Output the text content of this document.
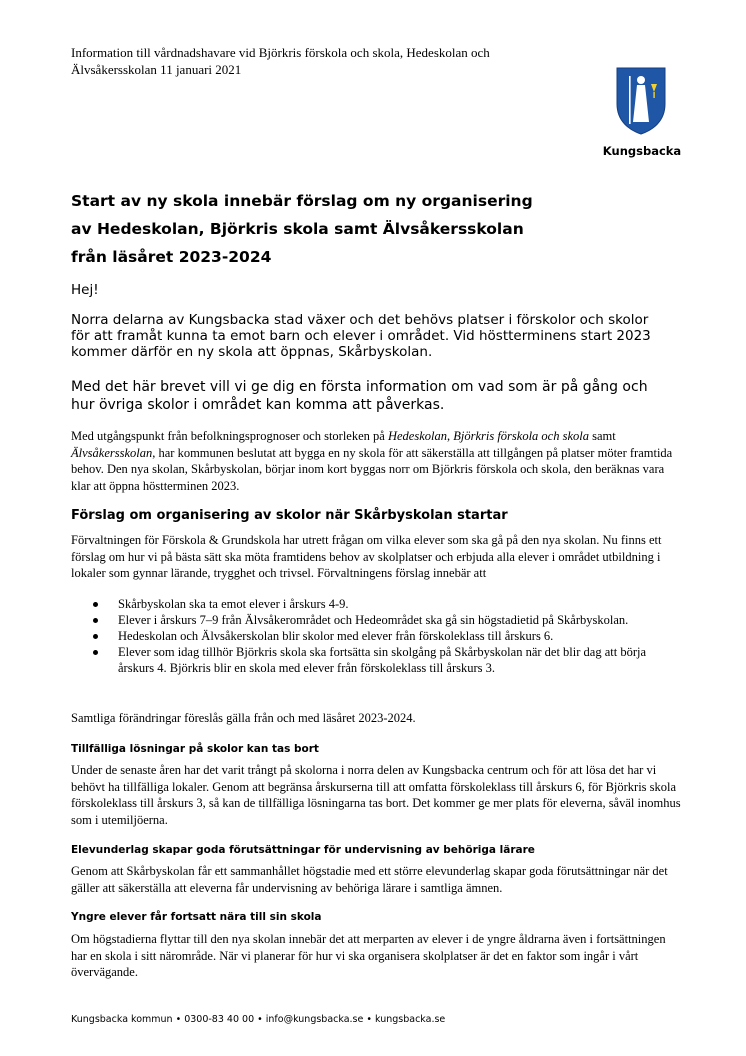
Information till vårdnadshavare vid Björkris förskola och skola, Hedeskolan och
Älvsåkersskolan 11 januari 2021
Kungsbacka
Start av ny skola innebär förslag om ny organisering
av Hedeskolan, Björkris skola samt Älvsåkersskolan
från läsåret 2023-2024

Hej!

Norra delarna av Kungsbacka stad växer och det behövs platser i förskolor och skolor för att framåt kunna ta emot barn och elever i området. Vid höstterminens start 2023 kommer därför en ny skola att öppnas, Skårbyskolan.

Med det här brevet vill vi ge dig en första information om vad som är på gång och hur övriga skolor i området kan komma att påverkas.

Med utgångspunkt från befolkningsprognoser och storleken på Hedeskolan, Björkris förskola och skola samt Älvsåkersskolan, har kommunen beslutat att bygga en ny skola för att säkerställa att tillgången på platser möter framtida behov. Den nya skolan, Skårbyskolan, börjar inom kort byggas norr om Björkris förskola och skola, den beräknas vara klar att öppna höstterminen 2023.

Förslag om organisering av skolor när Skårbyskolan startar

Förvaltningen för Förskola & Grundskola har utrett frågan om vilka elever som ska gå på den nya skolan. Nu finns ett förslag om hur vi på bästa sätt ska möta framtidens behov av skolplatser och erbjuda alla elever i området utbildning i lokaler som gynnar lärande, trygghet och trivsel. Förvaltningens förslag innebär att

Skårbyskolan ska ta emot elever i årskurs 4-9.
Elever i årskurs 7–9 från Älvsåkerområdet och Hedeområdet ska gå sin högstadietid på Skårbyskolan.
Hedeskolan och Älvsåkerskolan blir skolor med elever från förskoleklass till årskurs 6.
Elever som idag tillhör Björkris skola ska fortsätta sin skolgång på Skårbyskolan när det blir dag att börja årskurs 4. Björkris blir en skola med elever från förskoleklass till årskurs 3.

Samtliga förändringar föreslås gälla från och med läsåret 2023-2024.

Tillfälliga lösningar på skolor kan tas bort

Under de senaste åren har det varit trångt på skolorna i norra delen av Kungsbacka centrum och för att lösa det har vi behövt ha tillfälliga lokaler. Genom att begränsa årskurserna till att omfatta förskoleklass till årskurs 6, för Björkris skola förskoleklass till årskurs 3, så kan de tillfälliga lösningarna tas bort. Det kommer ge mer plats för eleverna, såväl inomhus som i utemiljöerna.

Elevunderlag skapar goda förutsättningar för undervisning av behöriga lärare

Genom att Skårbyskolan får ett sammanhållet högstadie med ett större elevunderlag skapar goda förutsättningar när det gäller att säkerställa att eleverna får undervisning av behöriga lärare i samtliga ämnen.

Yngre elever får fortsatt nära till sin skola

Om högstadierna flyttar till den nya skolan innebär det att merparten av elever i de yngre åldrarna även i fortsättningen har en skola i sitt närområde. När vi planerar för hur vi ska organisera skolplatser är det en faktor som ingår i vårt övervägande.

Kungsbacka kommun • 0300-83 40 00 • info@kungsbacka.se • kungsbacka.se
